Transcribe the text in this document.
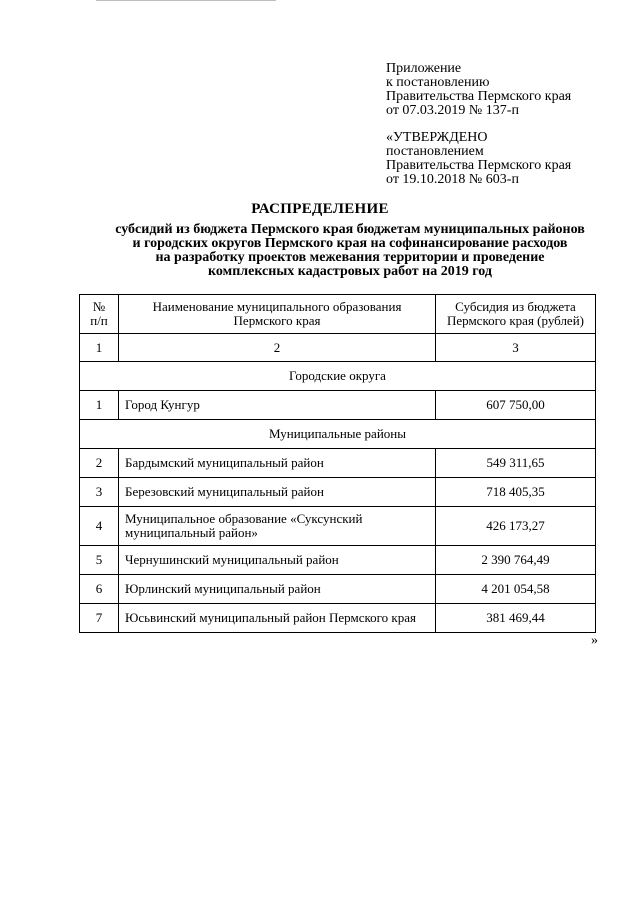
Приложение
к постановлению
Правительства Пермского края
от 07.03.2019 № 137-п
«УТВЕРЖДЕНО
постановлением
Правительства Пермского края
от 19.10.2018 № 603-п
РАСПРЕДЕЛЕНИЕ
субсидий из бюджета Пермского края бюджетам муниципальных районов
и городских округов Пермского края на софинансирование расходов
на разработку проектов межевания территории и проведение
комплексных кадастровых работ на 2019 год
№ п/п	Наименование муниципального образования Пермского края	Субсидия из бюджета Пермского края (рублей)
1	2	3
Городские округа		
1	Город Кунгур	607 750,00
Муниципальные районы		
2	Бардымский муниципальный район	549 311,65
3	Березовский муниципальный район	718 405,35
4	Муниципальное образование «Суксунский муниципальный район»	426 173,27
5	Чернушинский муниципальный район	2 390 764,49
6	Юрлинский муниципальный район	4 201 054,58
7	Юсьвинский муниципальный район Пермского края	381 469,44
»
